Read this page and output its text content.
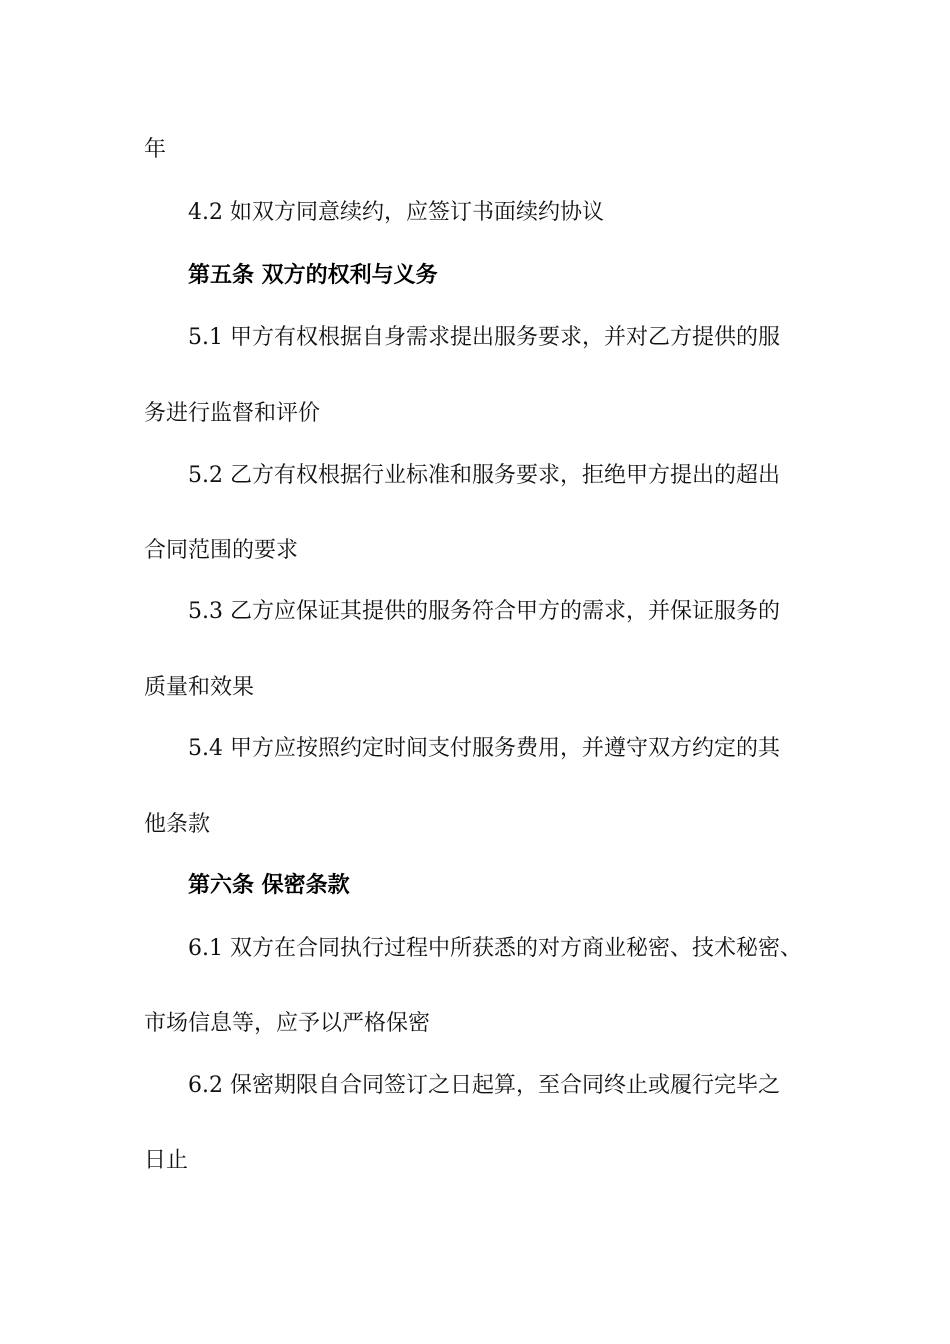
年
4.2 如双方同意续约，应签订书面续约协议
第五条 双方的权利与义务
5.1 甲方有权根据自身需求提出服务要求，并对乙方提供的服
务进行监督和评价
5.2 乙方有权根据行业标准和服务要求，拒绝甲方提出的超出
合同范围的要求
5.3 乙方应保证其提供的服务符合甲方的需求，并保证服务的
质量和效果
5.4 甲方应按照约定时间支付服务费用，并遵守双方约定的其
他条款
第六条 保密条款
6.1 双方在合同执行过程中所获悉的对方商业秘密、技术秘密、
市场信息等，应予以严格保密
6.2 保密期限自合同签订之日起算，至合同终止或履行完毕之
日止
